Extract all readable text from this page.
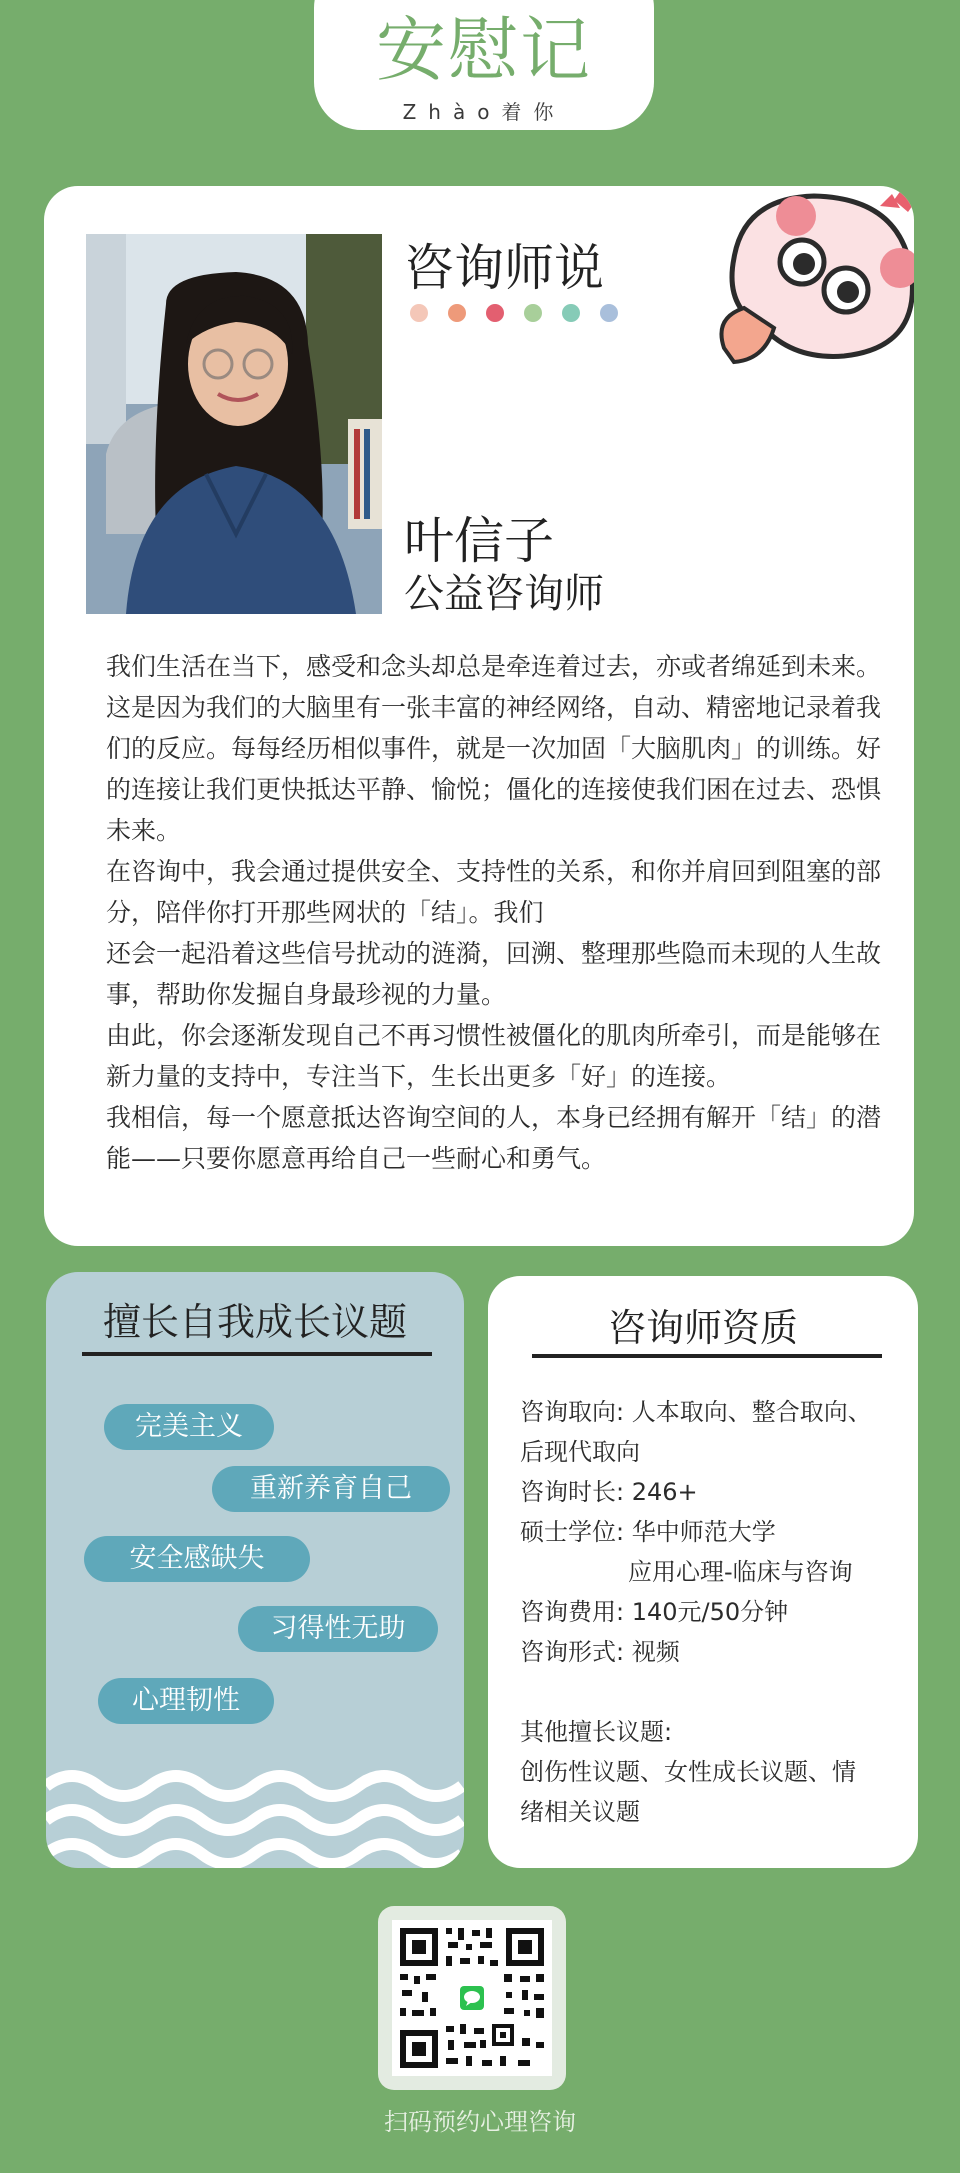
安慰记
Zhào着你
咨询师说
叶信子
公益咨询师

我们生活在当下，感受和念头却总是牵连着过去，亦或者绵延到未来。

这是因为我们的大脑里有一张丰富的神经网络，自动、精密地记录着我们的反应。每每经历相似事件，就是一次加固「大脑肌肉」的训练。好的连接让我们更快抵达平静、愉悦；僵化的连接使我们困在过去、恐惧未来。

在咨询中，我会通过提供安全、支持性的关系，和你并肩回到阻塞的部分，陪伴你打开那些网状的「结」。我们

还会一起沿着这些信号扰动的涟漪，回溯、整理那些隐而未现的人生故事，帮助你发掘自身最珍视的力量。

由此，你会逐渐发现自己不再习惯性被僵化的肌肉所牵引，而是能够在新力量的支持中，专注当下，生长出更多「好」的连接。

我相信，每一个愿意抵达咨询空间的人，本身已经拥有解开「结」的潜能——只要你愿意再给自己一些耐心和勇气。

擅长自我成长议题
完美主义
重新养育自己
安全感缺失
习得性无助
心理韧性
咨询师资质
咨询取向: 人本取向、整合取向、
后现代取向
咨询时长: 246+
硕士学位: 华中师范大学
应用心理-临床与咨询
咨询费用: 140元/50分钟
咨询形式: 视频
其他擅长议题:
创伤性议题、女性成长议题、情
绪相关议题
扫码预约心理咨询
